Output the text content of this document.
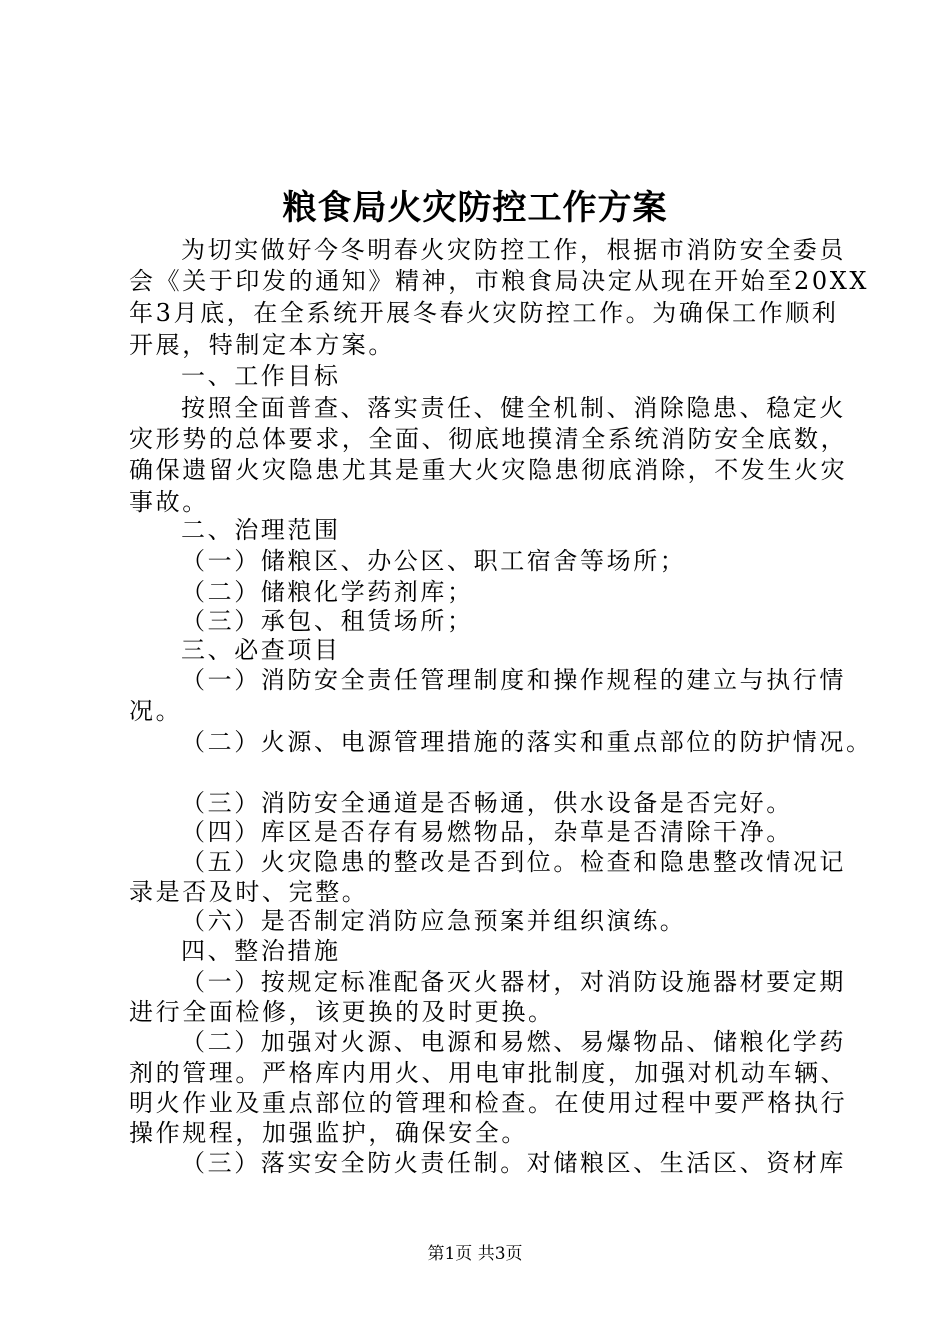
粮食局火灾防控工作方案
为切实做好今冬明春火灾防控工作，根据市消防安全委员
会《关于印发的通知》精神，市粮食局决定从现在开始至20XX
年3月底，在全系统开展冬春火灾防控工作。为确保工作顺利
开展，特制定本方案。
一、工作目标
按照全面普查、落实责任、健全机制、消除隐患、稳定火
灾形势的总体要求，全面、彻底地摸清全系统消防安全底数，
确保遗留火灾隐患尤其是重大火灾隐患彻底消除，不发生火灾
事故。
二、治理范围
（一）储粮区、办公区、职工宿舍等场所；
（二）储粮化学药剂库；
（三）承包、租赁场所；
三、必查项目
（一）消防安全责任管理制度和操作规程的建立与执行情
况。
（二）火源、电源管理措施的落实和重点部位的防护情况。
（三）消防安全通道是否畅通，供水设备是否完好。
（四）库区是否存有易燃物品，杂草是否清除干净。
（五）火灾隐患的整改是否到位。检查和隐患整改情况记
录是否及时、完整。
（六）是否制定消防应急预案并组织演练。
四、整治措施
（一）按规定标准配备灭火器材，对消防设施器材要定期
进行全面检修，该更换的及时更换。
（二）加强对火源、电源和易燃、易爆物品、储粮化学药
剂的管理。严格库内用火、用电审批制度，加强对机动车辆、
明火作业及重点部位的管理和检查。在使用过程中要严格执行
操作规程，加强监护，确保安全。
（三）落实安全防火责任制。对储粮区、生活区、资材库
第1页 共3页
